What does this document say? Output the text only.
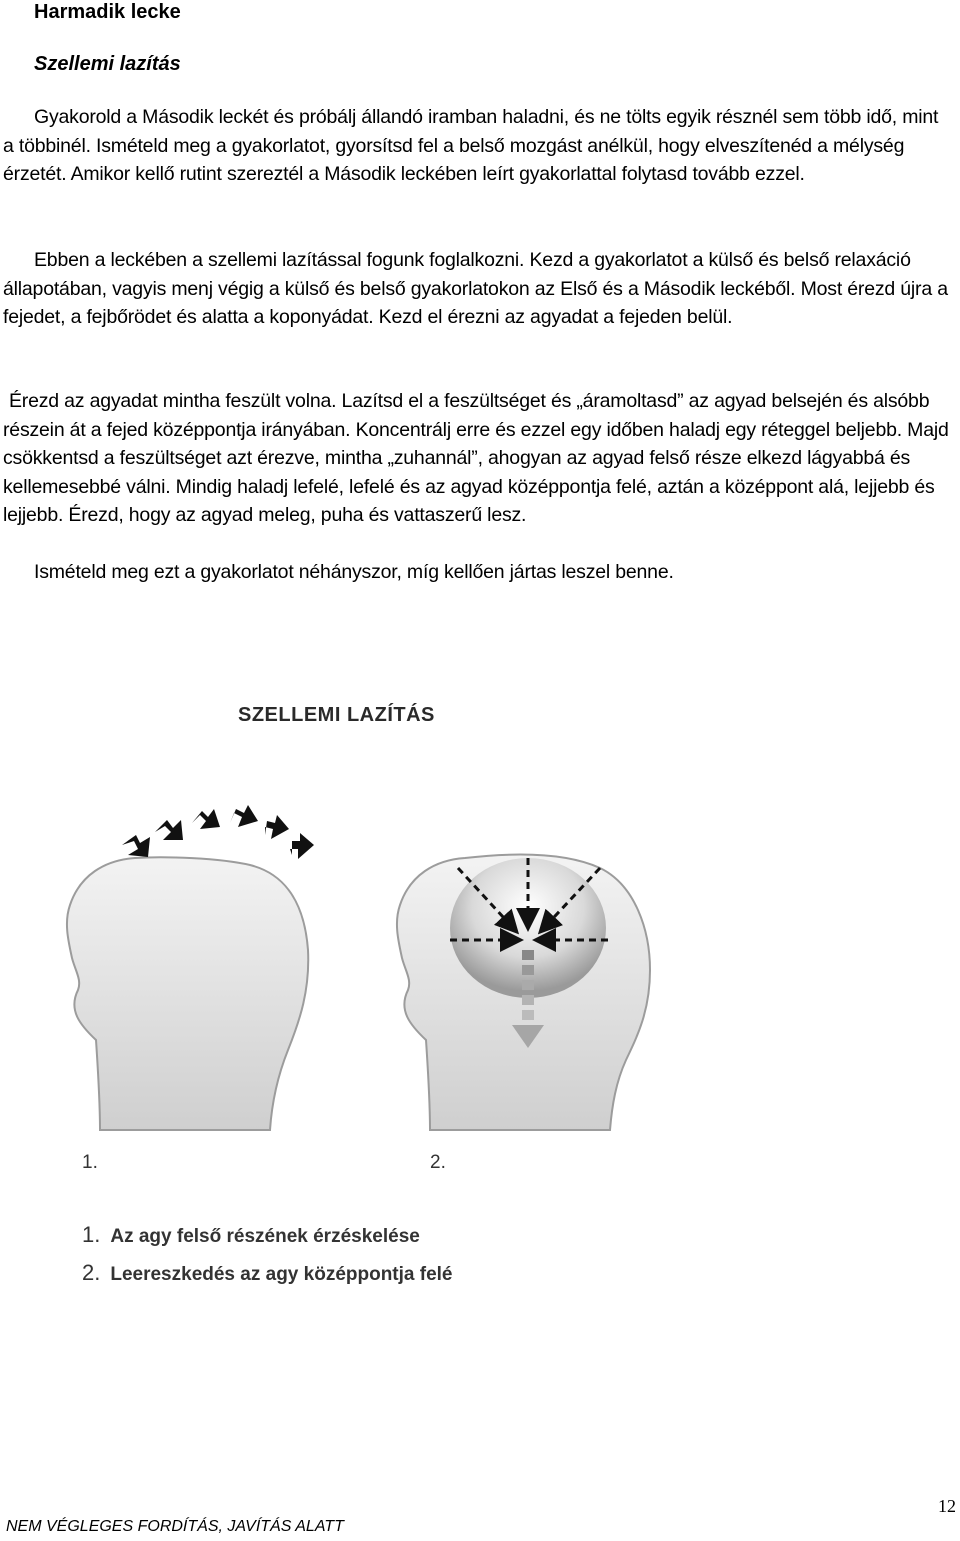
Harmadik lecke
Szellemi lazítás
Gyakorold a Második leckét és próbálj állandó iramban haladni, és ne tölts egyik résznél sem több idő, mint a többinél. Ismételd meg a gyakorlatot, gyorsítsd fel a belső mozgást anélkül, hogy elveszítenéd a mélység érzetét. Amikor kellő rutint szereztél a Második leckében leírt gyakorlattal folytasd tovább ezzel.
Ebben a leckében a szellemi lazítással fogunk foglalkozni. Kezd a gyakorlatot a külső és belső relaxáció állapotában, vagyis menj végig a külső és belső gyakorlatokon az Első és a Második leckéből. Most érezd újra a fejedet, a fejbőrödet és alatta a koponyádat. Kezd el érezni az agyadat a fejeden belül.
Érezd az agyadat mintha feszült volna. Lazítsd el a feszültséget és „áramoltasd” az agyad belsején és alsóbb részein át a fejed középpontja irányában. Koncentrálj erre és ezzel egy időben haladj egy réteggel beljebb. Majd csökkentsd a feszültséget azt érezve, mintha „zuhannál”, ahogyan az agyad felső része elkezd lágyabbá és kellemesebbé válni. Mindig haladj lefelé, lefelé és az agyad középpontja felé, aztán a középpont alá, lejjebb és lejjebb. Érezd, hogy az agyad meleg, puha és vattaszerű lesz.
Ismételd meg ezt a gyakorlatot néhányszor, míg kellően jártas leszel benne.
SZELLEMI LAZÍTÁS
1.	2.
1. Az agy felső részének érzéskelése
2. Leereszkedés az agy középpontja felé
12
NEM VÉGLEGES FORDÍTÁS, JAVÍTÁS ALATT
